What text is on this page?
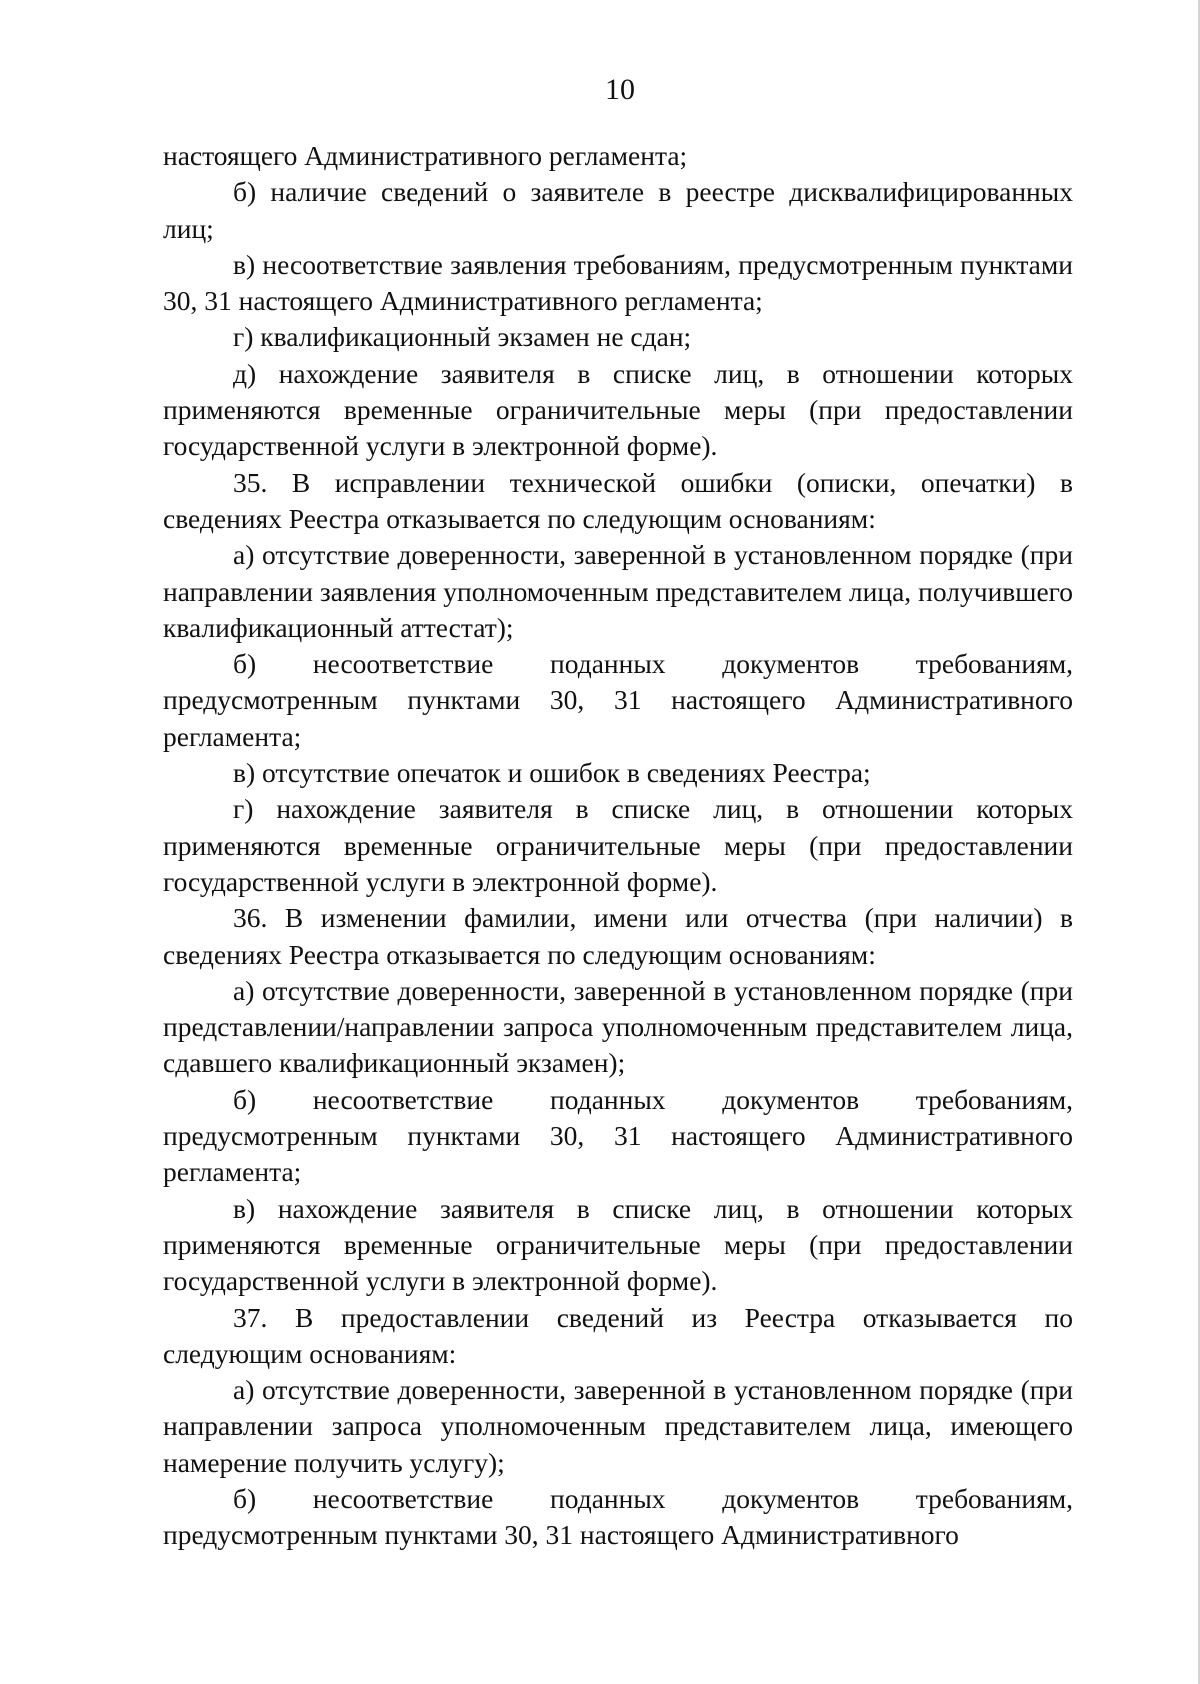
10

настоящего Административного регламента;

б) наличие сведений о заявителе в реестре дисквалифицированных лиц;

в) несоответствие заявления требованиям, предусмотренным пунктами 30, 31 настоящего Административного регламента;

г) квалификационный экзамен не сдан;

д) нахождение заявителя в списке лиц, в отношении которых применяются временные ограничительные меры (при предоставлении государственной услуги в электронной форме).

35. В исправлении технической ошибки (описки, опечатки) в сведениях Реестра отказывается по следующим основаниям:

а) отсутствие доверенности, заверенной в установленном порядке (при направлении заявления уполномоченным представителем лица, получившего квалификационный аттестат);

б) несоответствие поданных документов требованиям, предусмотренным пунктами 30, 31 настоящего Административного регламента;

в) отсутствие опечаток и ошибок в сведениях Реестра;

г) нахождение заявителя в списке лиц, в отношении которых применяются временные ограничительные меры (при предоставлении государственной услуги в электронной форме).

36. В изменении фамилии, имени или отчества (при наличии) в сведениях Реестра отказывается по следующим основаниям:

а) отсутствие доверенности, заверенной в установленном порядке (при представлении/направлении запроса уполномоченным представителем лица, сдавшего квалификационный экзамен);

б) несоответствие поданных документов требованиям, предусмотренным пунктами 30, 31 настоящего Административного регламента;

в) нахождение заявителя в списке лиц, в отношении которых применяются временные ограничительные меры (при предоставлении государственной услуги в электронной форме).

37. В предоставлении сведений из Реестра отказывается по следующим основаниям:

а) отсутствие доверенности, заверенной в установленном порядке (при направлении запроса уполномоченным представителем лица, имеющего намерение получить услугу);

б) несоответствие поданных документов требованиям, предусмотренным пунктами 30, 31 настоящего Административного
